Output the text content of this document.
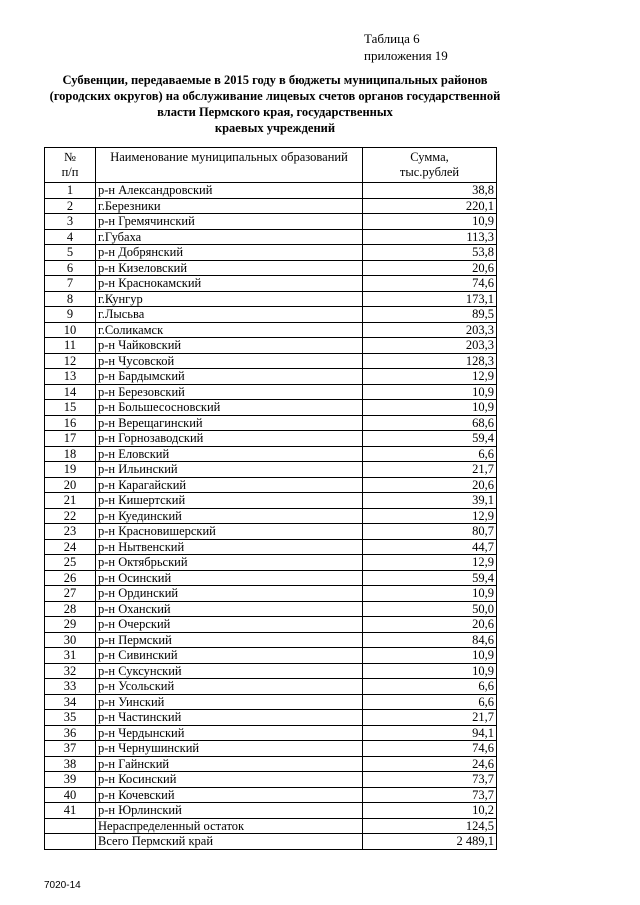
Таблица 6
приложения 19
Субвенции, передаваемые в 2015 году в бюджеты муниципальных районов
(городских округов) на обслуживание лицевых счетов органов государственной
власти Пермского края, государственных
краевых учреждений
№
п/п	Наименование муниципальных образований	Сумма,
тыс.рублей

1	р-н Александровский	38,8
2	г.Березники	220,1
3	р-н Гремячинский	10,9
4	г.Губаха	113,3
5	р-н Добрянский	53,8
6	р-н Кизеловский	20,6
7	р-н Краснокамский	74,6
8	г.Кунгур	173,1
9	г.Лысьва	89,5
10	г.Соликамск	203,3
11	р-н Чайковский	203,3
12	р-н Чусовской	128,3
13	р-н Бардымский	12,9
14	р-н Березовский	10,9
15	р-н Большесосновский	10,9
16	р-н Верещагинский	68,6
17	р-н Горнозаводский	59,4
18	р-н Еловский	6,6
19	р-н Ильинский	21,7
20	р-н Карагайский	20,6
21	р-н Кишертский	39,1
22	р-н Куединский	12,9
23	р-н Красновишерский	80,7
24	р-н Нытвенский	44,7
25	р-н Октябрьский	12,9
26	р-н Осинский	59,4
27	р-н Ординский	10,9
28	р-н Оханский	50,0
29	р-н Очерский	20,6
30	р-н Пермский	84,6
31	р-н Сивинский	10,9
32	р-н Суксунский	10,9
33	р-н Усольский	6,6
34	р-н Уинский	6,6
35	р-н Частинский	21,7
36	р-н Чердынский	94,1
37	р-н Чернушинский	74,6
38	р-н Гайнский	24,6
39	р-н Косинский	73,7
40	р-н Кочевский	73,7
41	р-н Юрлинский	10,2
	Нераспределенный остаток	124,5
	Всего Пермский край	2 489,1
7020-14
